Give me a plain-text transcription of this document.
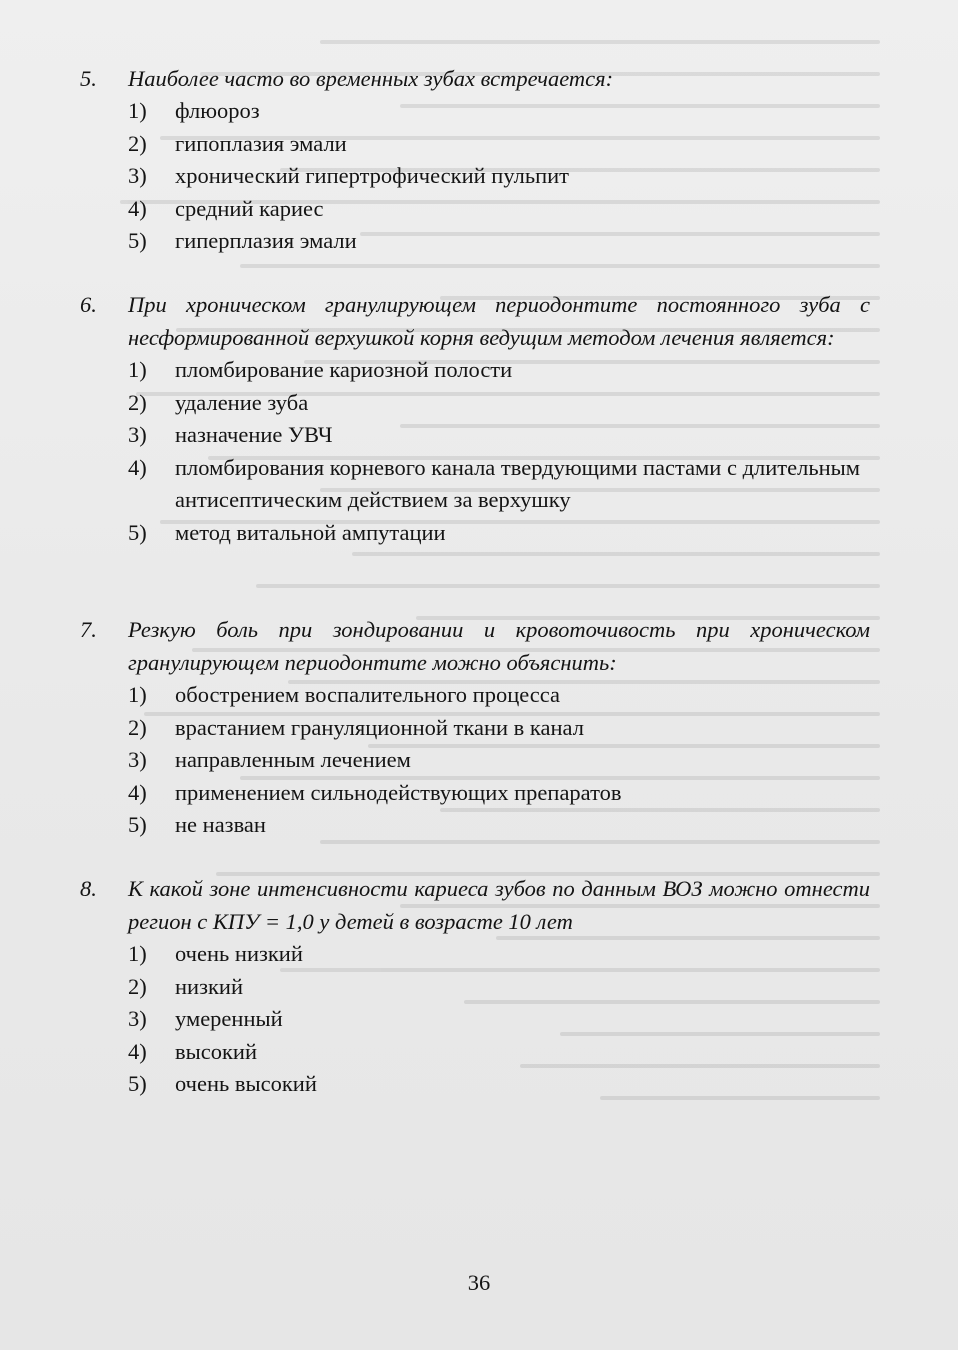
5.	Наиболее часто во временных зубах встречается:
1)	флюороз
2)	гипоплазия эмали
3)	хронический гипертрофический пульпит
4)	средний кариес
5)	гиперплазия эмали
6.	При хроническом гранулирующем периодонтите постоянного зуба с несформированной верхушкой корня ведущим методом лечения является:
1)	пломбирование кариозной полости
2)	удаление зуба
3)	назначение УВЧ
4)	пломбирования корневого канала твердующими пастами с длительным антисептическим действием за верхушку
5)	метод витальной ампутации
7.	Резкую боль при зондировании и кровоточивость при хроническом гранулирующем периодонтите можно объяснить:
1)	обострением воспалительного процесса
2)	врастанием грануляционной ткани в канал
3)	направленным лечением
4)	применением сильнодействующих препаратов
5)	не назван
8.	К какой зоне интенсивности кариеса зубов по данным ВОЗ можно отнести регион с КПУ = 1,0 у детей в возрасте 10 лет
1)	очень низкий
2)	низкий
3)	умеренный
4)	высокий
5)	очень высокий
36
